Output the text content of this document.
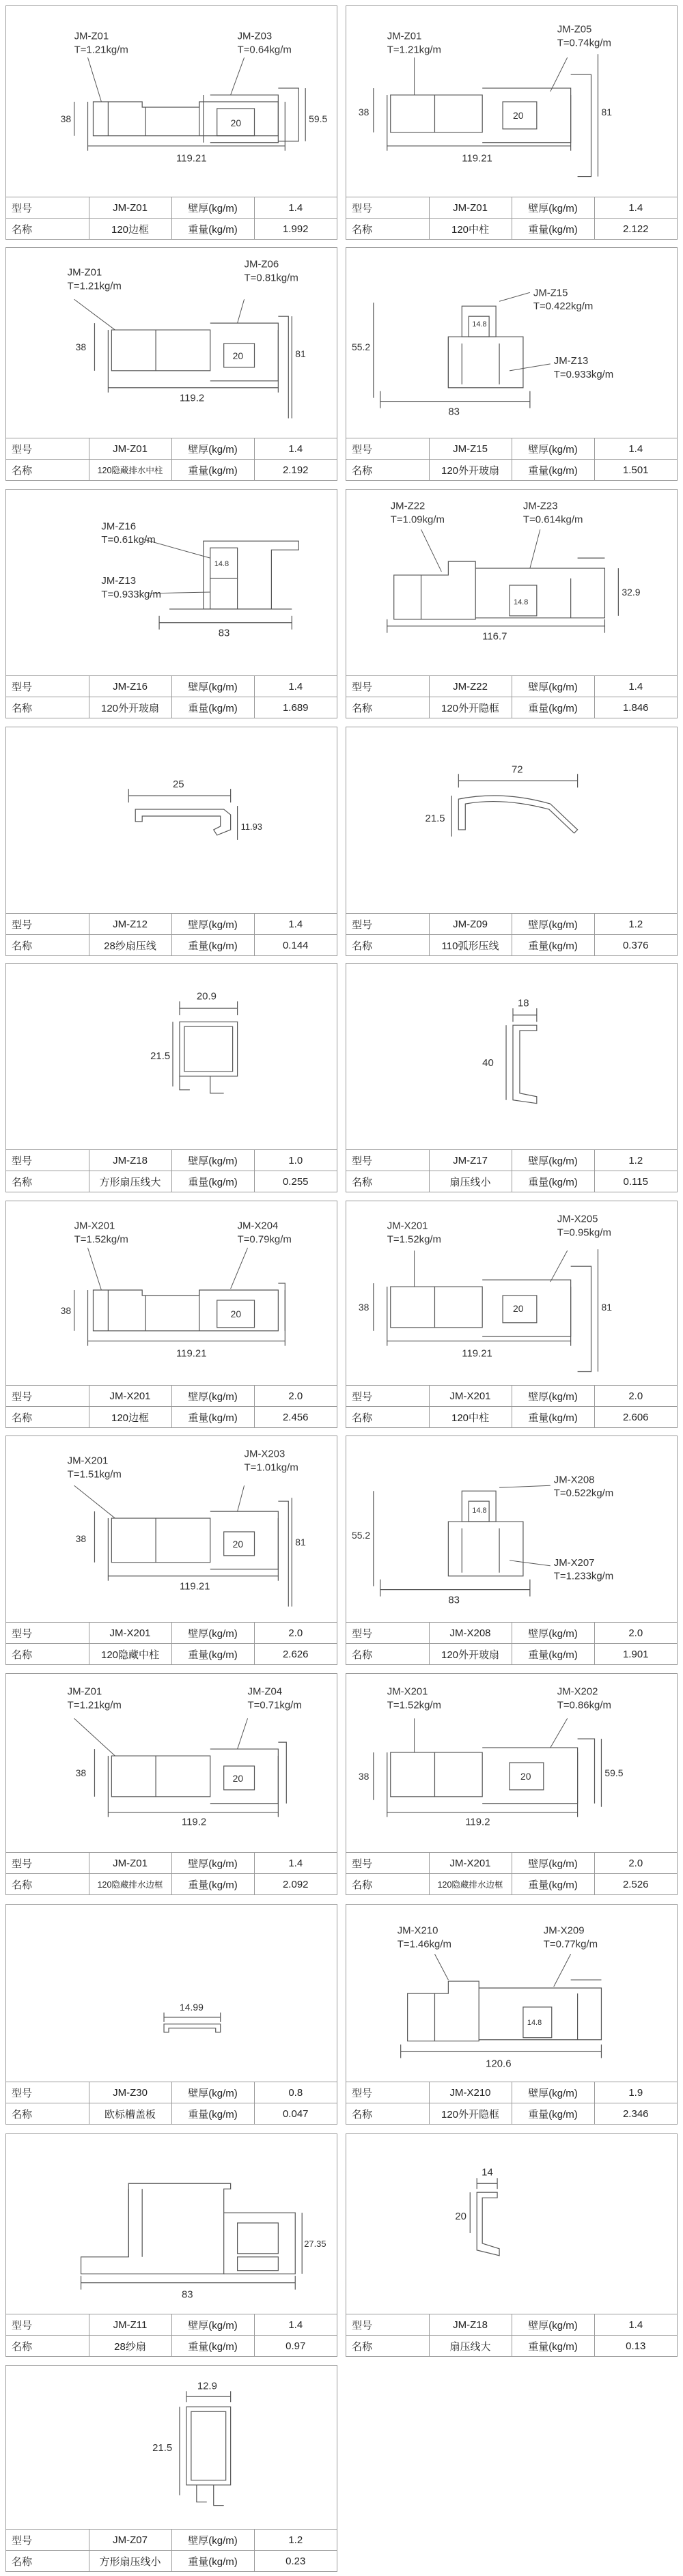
JM-Z01
T=1.21kg/m
JM-Z03
T=0.64kg/m
38	20	59.5
119.21
型号	JM-Z01	壁厚(kg/m)	1.4
名称	120边框	重量(kg/m)	1.992
JM-Z01
T=1.21kg/m
JM-Z05
T=0.74kg/m
38	20	81
119.21
型号	JM-Z01	壁厚(kg/m)	1.4
名称	120中柱	重量(kg/m)	2.122
JM-Z01
T=1.21kg/m
JM-Z06
T=0.81kg/m
38
20	81
119.2
型号	JM-Z01	壁厚(kg/m)	1.4
名称	120隐藏排水中柱	重量(kg/m)	2.192
JM-Z15
T=0.422kg/m
JM-Z13
T=0.933kg/m
55.2
14.8
83
型号	JM-Z15	壁厚(kg/m)	1.4
名称	120外开玻扇	重量(kg/m)	1.501
JM-Z16
T=0.61kg/m
JM-Z13
T=0.933kg/m
14.8
83
型号	JM-Z16	壁厚(kg/m)	1.4
名称	120外开玻扇	重量(kg/m)	1.689
JM-Z22
T=1.09kg/m
JM-Z23
T=0.614kg/m
14.8
32.9
116.7
型号	JM-Z22	壁厚(kg/m)	1.4
名称	120外开隐框	重量(kg/m)	1.846
25
11.93
型号	JM-Z12	壁厚(kg/m)	1.4
名称	28纱扇压线	重量(kg/m)	0.144
72
21.5
型号	JM-Z09	壁厚(kg/m)	1.2
名称	110弧形压线	重量(kg/m)	0.376
20.9
21.5
型号	JM-Z18	壁厚(kg/m)	1.0
名称	方形扇压线大	重量(kg/m)	0.255
18
40
型号	JM-Z17	壁厚(kg/m)	1.2
名称	扇压线小	重量(kg/m)	0.115
JM-X201
T=1.52kg/m
JM-X204
T=0.79kg/m
38	20
119.21
型号	JM-X201	壁厚(kg/m)	2.0
名称	120边框	重量(kg/m)	2.456
JM-X201
T=1.52kg/m
JM-X205
T=0.95kg/m
38	20	81
119.21
型号	JM-X201	壁厚(kg/m)	2.0
名称	120中柱	重量(kg/m)	2.606
JM-X201
T=1.51kg/m
JM-X203
T=1.01kg/m
38	20	81
119.21
型号	JM-X201	壁厚(kg/m)	2.0
名称	120隐藏中柱	重量(kg/m)	2.626
JM-X208
T=0.522kg/m
JM-X207
T=1.233kg/m
55.2
14.8
83
型号	JM-X208	壁厚(kg/m)	2.0
名称	120外开玻扇	重量(kg/m)	1.901
JM-Z01
T=1.21kg/m
JM-Z04
T=0.71kg/m
38	20
119.2
型号	JM-Z01	壁厚(kg/m)	1.4
名称	120隐藏排水边框	重量(kg/m)	2.092
JM-X201
T=1.52kg/m
JM-X202
T=0.86kg/m
38	20	59.5
119.2
型号	JM-X201	壁厚(kg/m)	2.0
名称	120隐藏排水边框	重量(kg/m)	2.526
14.99
型号	JM-Z30	壁厚(kg/m)	0.8
名称	欧标槽盖板	重量(kg/m)	0.047
JM-X210
T=1.46kg/m
JM-X209
T=0.77kg/m
14.8
120.6
型号	JM-X210	壁厚(kg/m)	1.9
名称	120外开隐框	重量(kg/m)	2.346
27.35
83
型号	JM-Z11	壁厚(kg/m)	1.4
名称	28纱扇	重量(kg/m)	0.97
14
20
型号	JM-Z18	壁厚(kg/m)	1.4
名称	扇压线大	重量(kg/m)	0.13
12.9
21.5
型号	JM-Z07	壁厚(kg/m)	1.2
名称	方形扇压线小	重量(kg/m)	0.23
